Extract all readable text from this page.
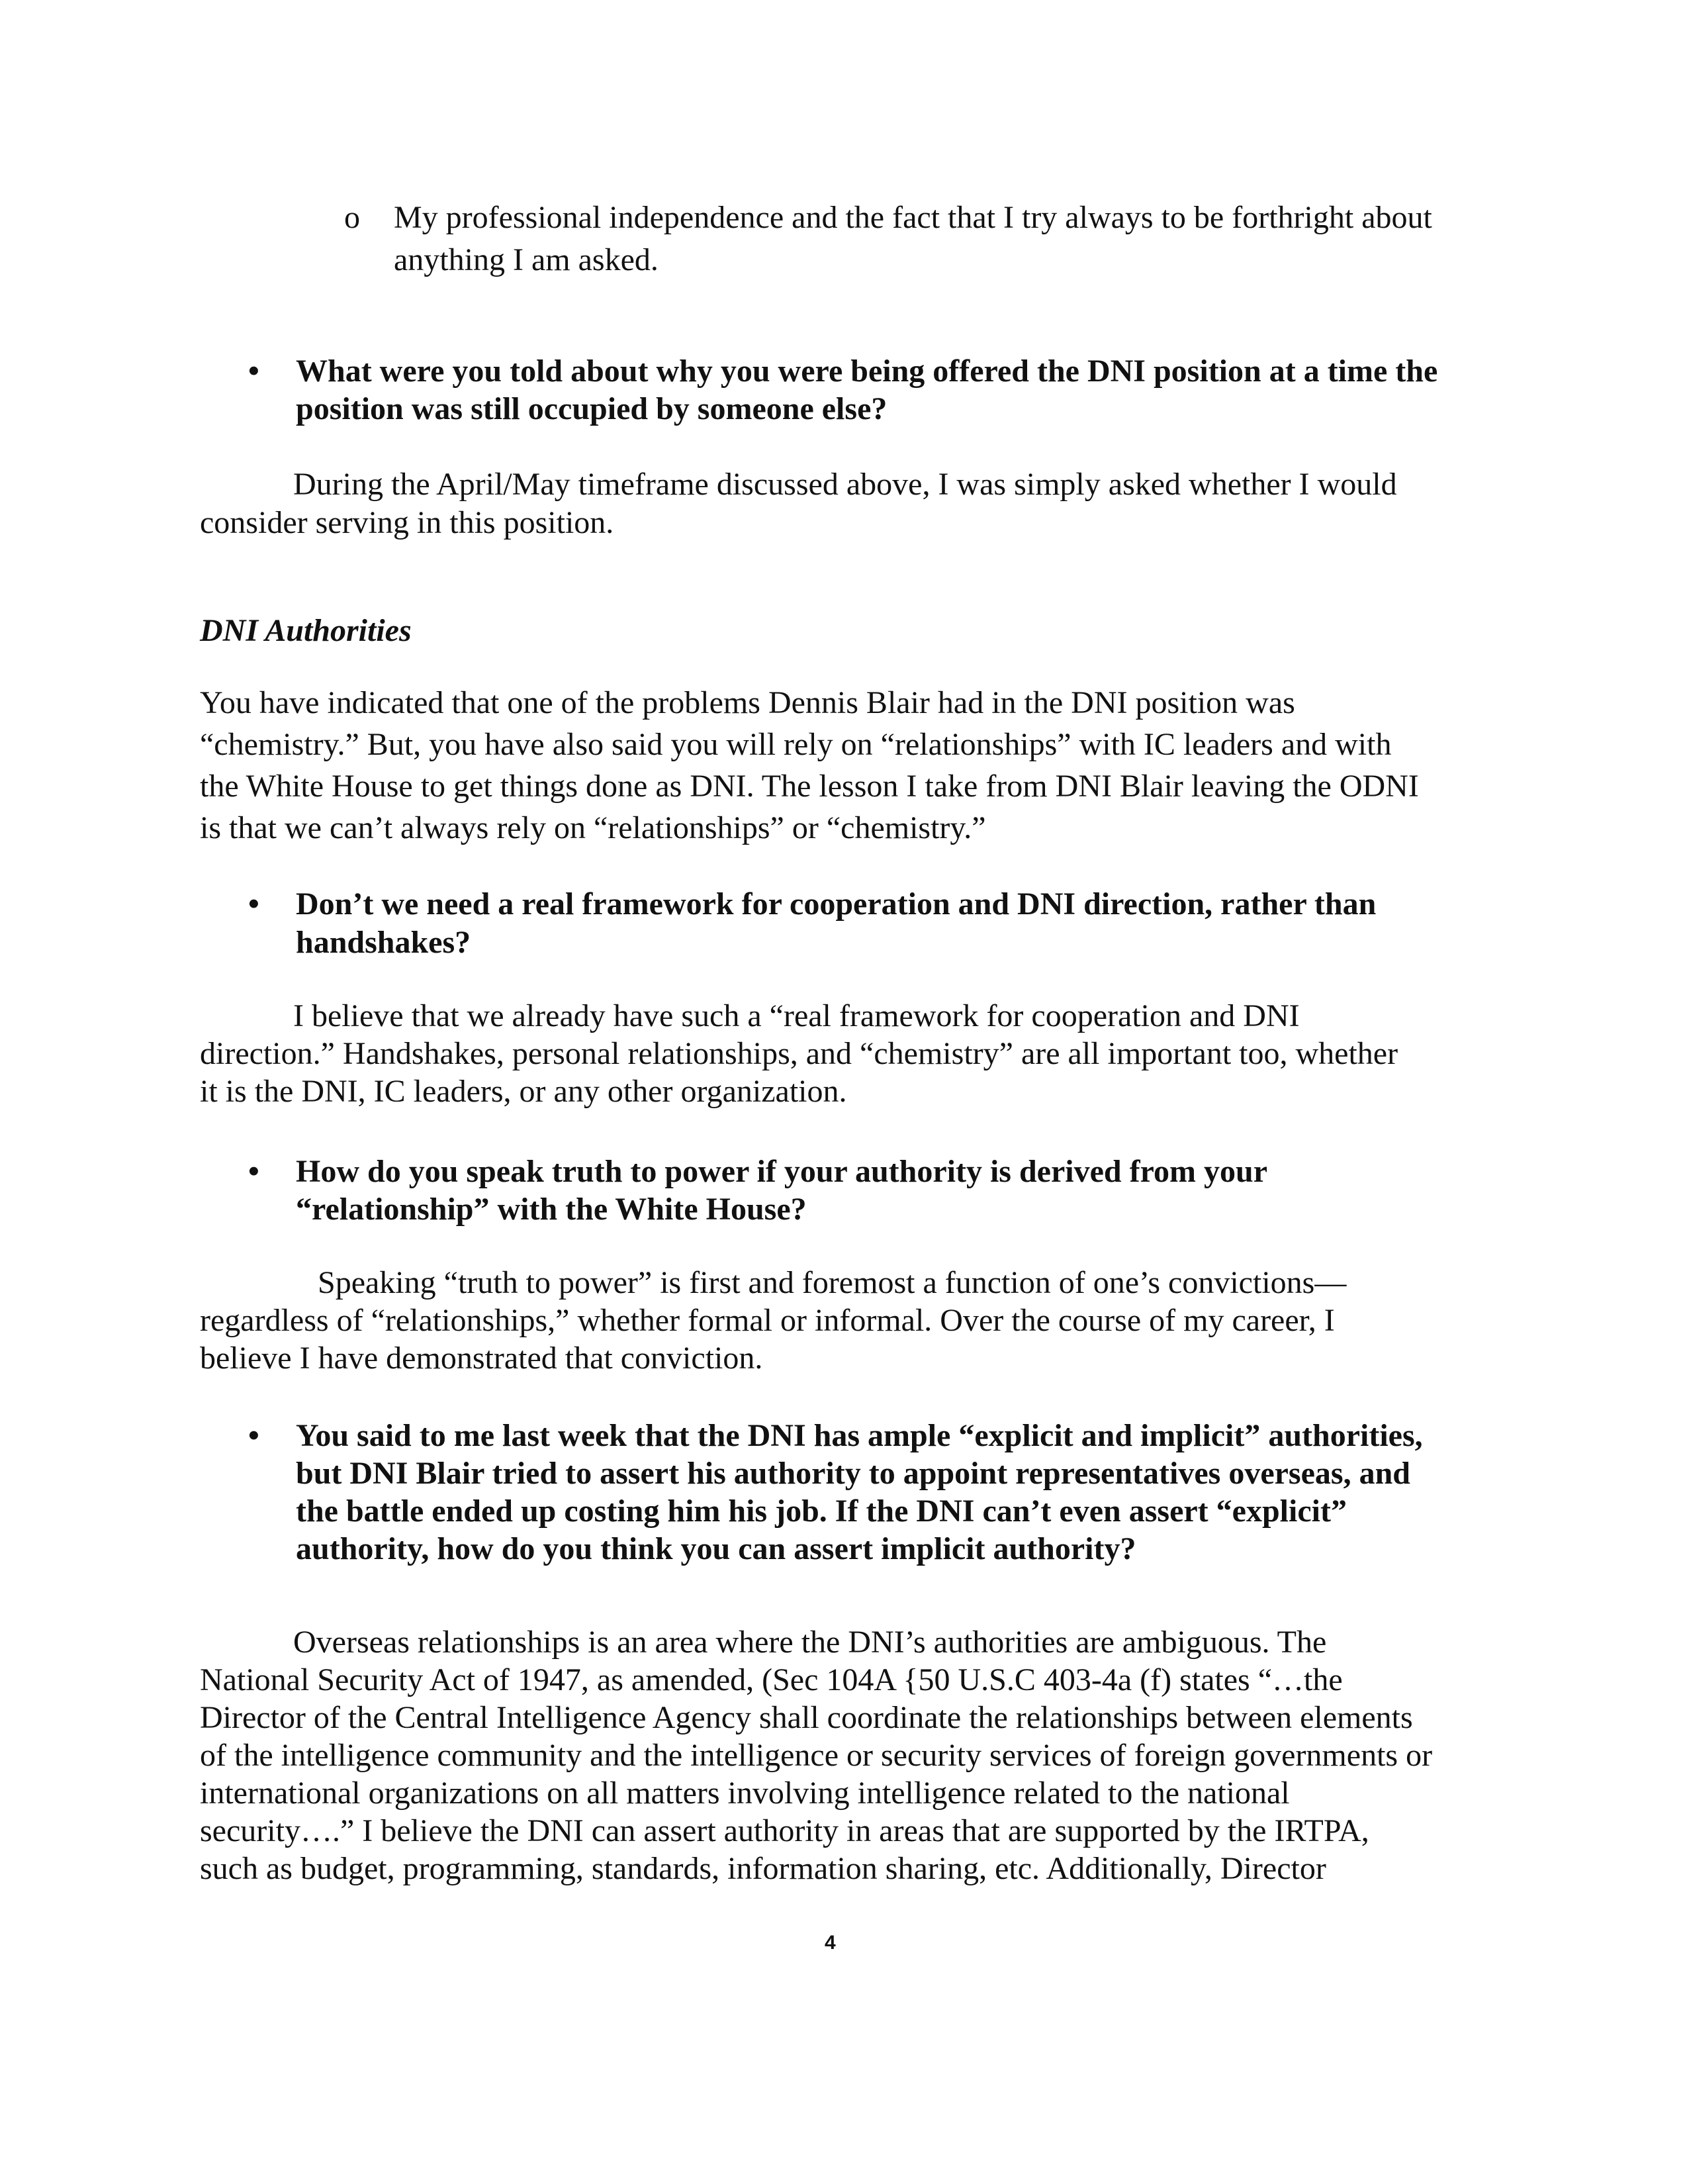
o My professional independence and the fact that I try always to be forthright about
anything I am asked.
• What were you told about why you were being offered the DNI position at a time the
position was still occupied by someone else?
During the April/May timeframe discussed above, I was simply asked whether I would
consider serving in this position.
DNI Authorities
You have indicated that one of the problems Dennis Blair had in the DNI position was
“chemistry.” But, you have also said you will rely on “relationships” with IC leaders and with
the White House to get things done as DNI. The lesson I take from DNI Blair leaving the ODNI
is that we can’t always rely on “relationships” or “chemistry.”
• Don’t we need a real framework for cooperation and DNI direction, rather than
handshakes?
I believe that we already have such a “real framework for cooperation and DNI
direction.” Handshakes, personal relationships, and “chemistry” are all important too, whether
it is the DNI, IC leaders, or any other organization.
• How do you speak truth to power if your authority is derived from your
“relationship” with the White House?
Speaking “truth to power” is first and foremost a function of one’s convictions—
regardless of “relationships,” whether formal or informal. Over the course of my career, I
believe I have demonstrated that conviction.
• You said to me last week that the DNI has ample “explicit and implicit” authorities,
but DNI Blair tried to assert his authority to appoint representatives overseas, and
the battle ended up costing him his job. If the DNI can’t even assert “explicit”
authority, how do you think you can assert implicit authority?
Overseas relationships is an area where the DNI’s authorities are ambiguous. The
National Security Act of 1947, as amended, (Sec 104A {50 U.S.C 403-4a (f) states “…the
Director of the Central Intelligence Agency shall coordinate the relationships between elements
of the intelligence community and the intelligence or security services of foreign governments or
international organizations on all matters involving intelligence related to the national
security….” I believe the DNI can assert authority in areas that are supported by the IRTPA,
such as budget, programming, standards, information sharing, etc. Additionally, Director
4
